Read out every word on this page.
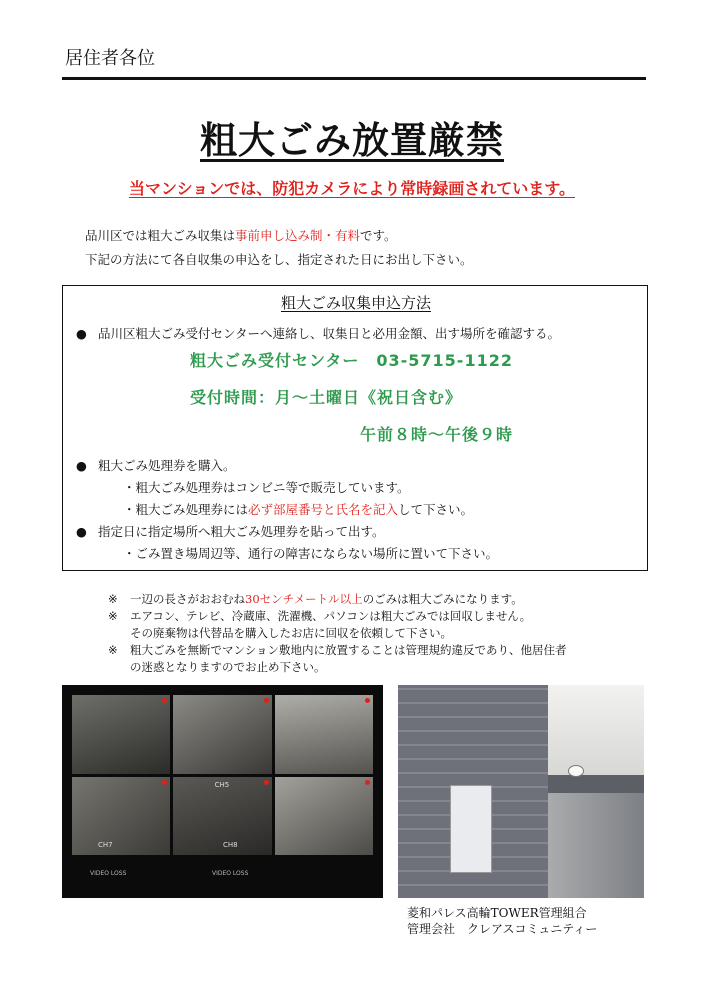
居住者各位
粗大ごみ放置厳禁
当マンションでは、防犯カメラにより常時録画されています。
品川区では粗大ごみ収集は事前申し込み制・有料です。
下記の方法にて各自収集の申込をし、指定された日にお出し下さい。
粗大ごみ収集申込方法
● 品川区粗大ごみ受付センターへ連絡し、収集日と必用金額、出す場所を確認する。
粗大ごみ受付センター　03-5715-1122
受付時間：月～土曜日《祝日含む》
午前８時～午後９時
● 粗大ごみ処理券を購入。
・粗大ごみ処理券はコンビニ等で販売しています。
・粗大ごみ処理券には必ず部屋番号と氏名を記入して下さい。
● 指定日に指定場所へ粗大ごみ処理券を貼って出す。
・ごみ置き場周辺等、通行の障害にならない場所に置いて下さい。
※	一辺の長さがおおむね30センチメートル以上のごみは粗大ごみになります。
※	エアコン、テレビ、冷蔵庫、洗濯機、パソコンは粗大ごみでは回収しません。
その廃棄物は代替品を購入したお店に回収を依頼して下さい。
※	粗大ごみを無断でマンション敷地内に放置することは管理規約違反であり、他居住者
の迷惑となりますのでお止め下さい。
CH5
CH7	CH8
VIDEO LOSS	VIDEO LOSS
菱和パレス高輪TOWER管理組合
管理会社　クレアスコミュニティー
